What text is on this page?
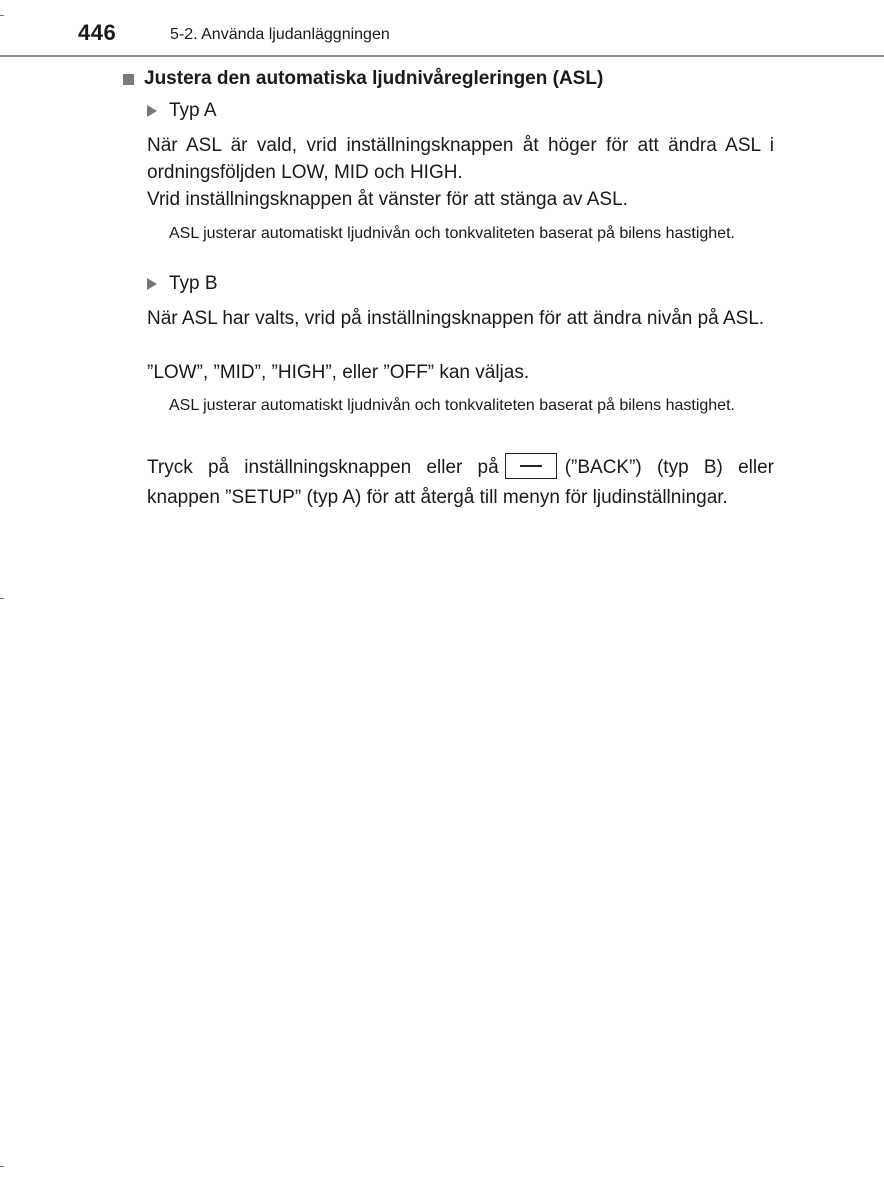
446	5-2. Använda ljudanläggningen
Justera den automatiska ljudnivåregleringen (ASL)
Typ A
När ASL är vald, vrid inställningsknappen åt höger för att ändra ASL i ordningsföljden LOW, MID och HIGH.
Vrid inställningsknappen åt vänster för att stänga av ASL.
ASL justerar automatiskt ljudnivån och tonkvaliteten baserat på bilens hastighet.
Typ B
När ASL har valts, vrid på inställningsknappen för att ändra nivån på ASL.
”LOW”, ”MID”, ”HIGH”, eller ”OFF” kan väljas.
ASL justerar automatiskt ljudnivån och tonkvaliteten baserat på bilens hastighet.
Tryck på inställningsknappen eller på	(”BACK”) (typ B) eller knappen ”SETUP” (typ A) för att återgå till menyn för ljudinställningar.
